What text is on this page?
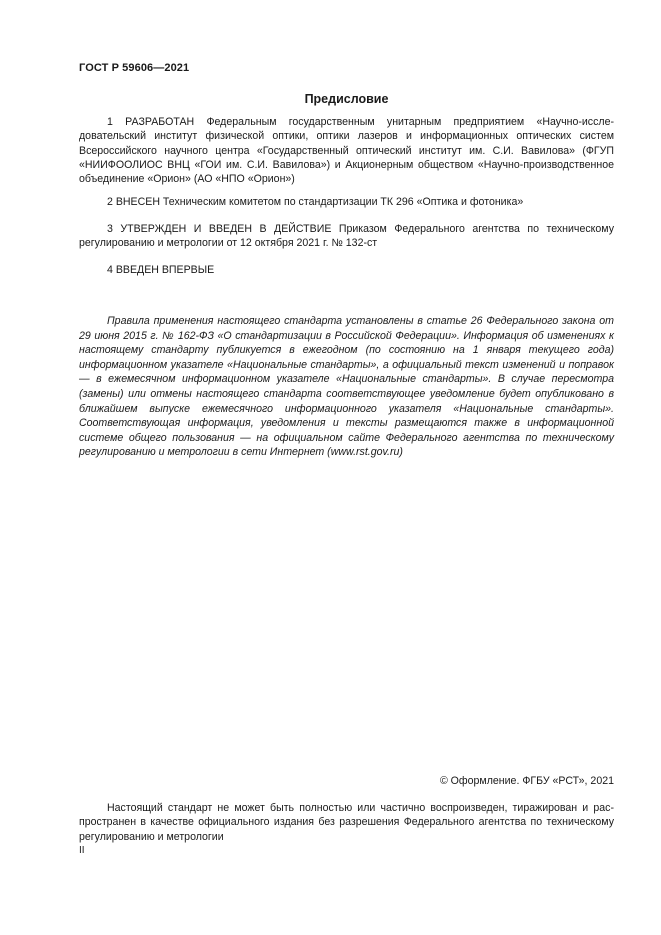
ГОСТ Р 59606—2021
Предисловие

1 РАЗРАБОТАН Федеральным государственным унитарным предприятием «Научно-исследовательский институт физической оптики, оптики лазеров и информационных оптических систем Всероссийского научного центра «Государственный оптический институт им. С.И. Вавилова» (ФГУП «НИИФООЛИОС ВНЦ «ГОИ им. С.И. Вавилова») и Акционерным обществом «Научно-производственное объединение «Орион» (АО «НПО «Орион»)

2 ВНЕСЕН Техническим комитетом по стандартизации ТК 296 «Оптика и фотоника»

3 УТВЕРЖДЕН И ВВЕДЕН В ДЕЙСТВИЕ Приказом Федерального агентства по техническому регулированию и метрологии от 12 октября 2021 г. № 132-ст

4 ВВЕДЕН ВПЕРВЫЕ

Правила применения настоящего стандарта установлены в статье 26 Федерального закона от 29 июня 2015 г. № 162-ФЗ «О стандартизации в Российской Федерации». Информация об изменениях к настоящему стандарту публикуется в ежегодном (по состоянию на 1 января текущего года) информационном указателе «Национальные стандарты», а официальный текст изменений и поправок — в ежемесячном информационном указателе «Национальные стандарты». В случае пересмотра (замены) или отмены настоящего стандарта соответствующее уведомление будет опубликовано в ближайшем выпуске ежемесячного информационного указателя «Национальные стандарты». Соответствующая информация, уведомления и тексты размещаются также в информационной системе общего пользования — на официальном сайте Федерального агентства по техническому регулированию и метрологии в сети Интернет (www.rst.gov.ru)

© Оформление. ФГБУ «РСТ», 2021

Настоящий стандарт не может быть полностью или частично воспроизведен, тиражирован и распространен в качестве официального издания без разрешения Федерального агентства по техническому регулированию и метрологии

II
